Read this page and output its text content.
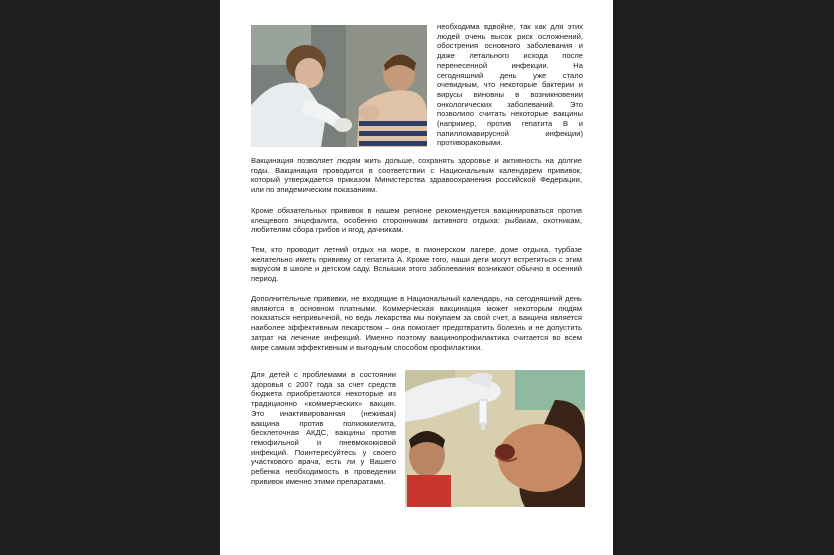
необходима вдвойне, так как для этих людей очень высок риск осложнений, обострения основного заболевания и даже летального исхода после перенесенной инфекции. На сегодняшний день уже стало очевидным, что некоторые бактерии и вирусы виновны в возникновении онкологических заболеваний. Это позволило считать некоторые вакцины (например, против гепатита В и папилломавирусной инфекции) противораковыми.

Вакцинация позволяет людям жить дольше, сохранять здоровье и активность на долгие годы. Вакцинация проводится в соответствии с Национальным календарем прививок, который утверждается приказом Министерства здравоохранения российской Федерации, или по эпидемическим показаниям.

Кроме обязательных прививок в нашем регионе рекомендуется вакцинироваться против клещевого энцефалита, особенно сторонникам активного отдыха: рыбакам, охотникам, любителям сбора грибов и ягод, дачникам.

Тем, кто проводит летний отдых на море, в пионерском лагере, доме отдыха, турбазе желательно иметь прививку от гепатита А. Кроме того, наши дети могут встретиться с этим вирусом в школе и детском саду. Вспышки этого заболевания возникают обычно в осенний период.

Дополнительные прививки, не входящие в Национальный календарь, на сегодняшний день являются в основном платными. Коммерческая вакцинация может некоторым людям показаться непривычной, но ведь лекарства мы покупаем за свой счет, а вакцина является наиболее эффективным лекарством – она помогает предотвратить болезнь и не допустить затрат на лечение инфекций. Именно поэтому вакцинопрофилактика считается во всем мире самым эффективным и выгодным способом профилактики.

Для детей с проблемами в состоянии здоровья с 2007 года за счет средств бюджета приобретаются некоторые из традиционно «коммерческих» вакцин. Это инактивированная (неживая) вакцина против полиомиелита, бесклеточная АКДС, вакцины против гемофильной и пневмококковой инфекций. Поинтересуйтесь у своего участкового врача, есть ли у Вашего ребенка необходимость в проведении прививок именно этими препаратами.
